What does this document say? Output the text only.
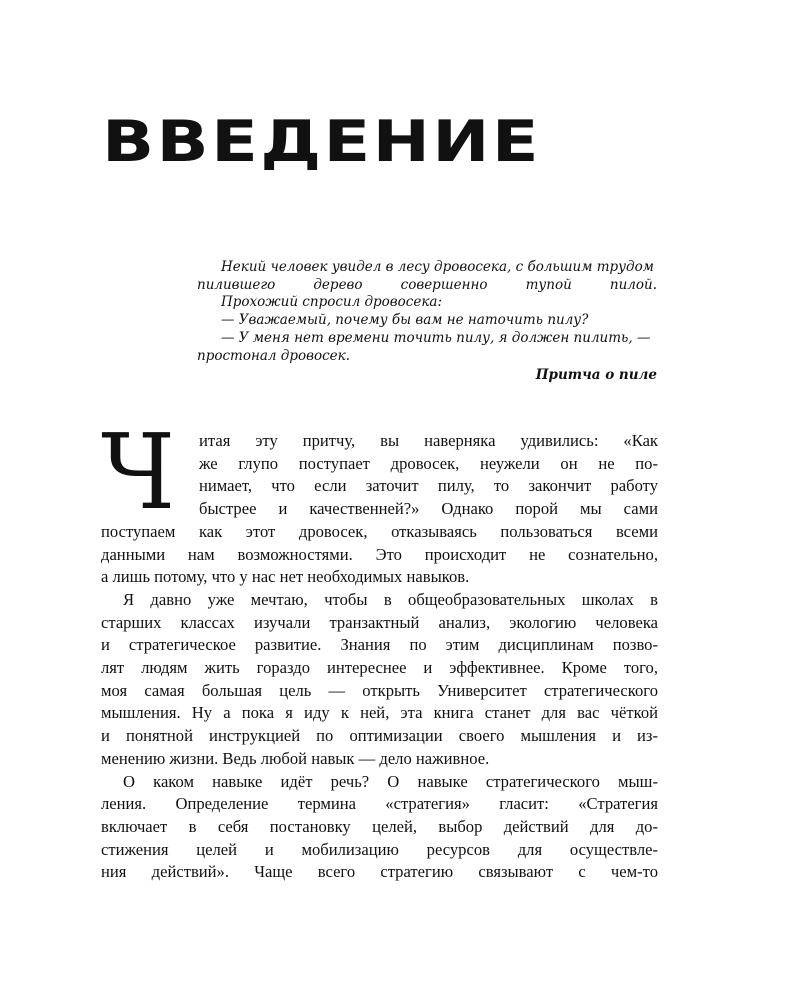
ВВЕДЕНИЕ
Некий человек увидел в лесу дровосека, с большим трудом
пилившего дерево совершенно тупой пилой.
Прохожий спросил дровосека:
— Уважаемый, почему бы вам не наточить пилу?
— У меня нет времени точить пилу, я должен пилить, —
простонал дровосек.
Притча о пиле
Ч	итая эту притчу, вы наверняка удивились: «Как
же глупо поступает дровосек, неужели он не по-
нимает, что если заточит пилу, то закончит работу
быстрее и качественней?» Однако порой мы сами
поступаем как этот дровосек, отказываясь пользоваться всеми
данными нам возможностями. Это происходит не сознательно,
а лишь потому, что у нас нет необходимых навыков.
Я давно уже мечтаю, чтобы в общеобразовательных школах в
старших классах изучали транзактный анализ, экологию человека
и стратегическое развитие. Знания по этим дисциплинам позво-
лят людям жить гораздо интереснее и эффективнее. Кроме того,
моя самая большая цель — открыть Университет стратегического
мышления. Ну а пока я иду к ней, эта книга станет для вас чёткой
и понятной инструкцией по оптимизации своего мышления и из-
менению жизни. Ведь любой навык — дело наживное.
О каком навыке идёт речь? О навыке стратегического мыш-
ления. Определение термина «стратегия» гласит: «Стратегия
включает в себя постановку целей, выбор действий для до-
стижения целей и мобилизацию ресурсов для осуществле-
ния действий». Чаще всего стратегию связывают с чем-то
